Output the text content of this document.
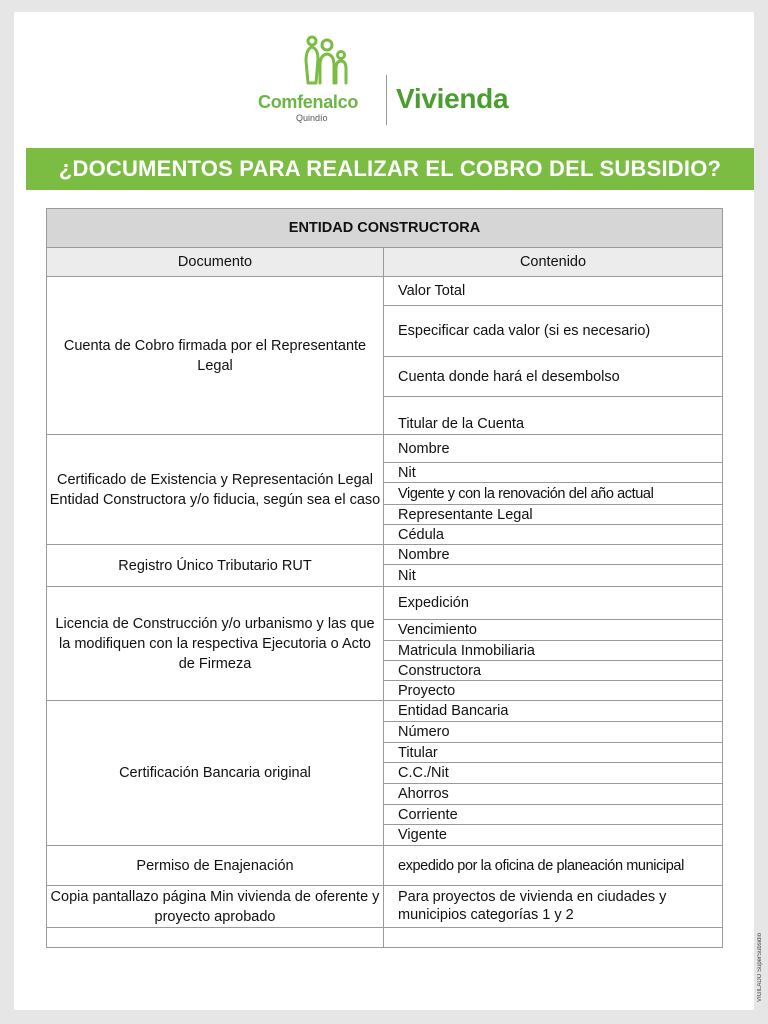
Comfenalco
Quindío
Vivienda
¿DOCUMENTOS PARA REALIZAR EL COBRO DEL SUBSIDIO?
ENTIDAD CONSTRUCTORA	
Documento	Contenido
Cuenta de Cobro firmada por el Representante Legal	Valor Total
	Especificar cada valor (si es necesario)
	Cuenta donde hará el desembolso
	Titular de la Cuenta
Certificado de Existencia y Representación Legal Entidad Constructora y/o fiducia, según sea el caso	Nombre
	Nit
	Vigente y con la renovación del año actual
	Representante Legal
	Cédula
Registro Único Tributario RUT	Nombre
	Nit
Licencia de Construcción y/o urbanismo y las que la modifiquen con la respectiva Ejecutoria o Acto de Firmeza	Expedición
	Vencimiento
	Matricula Inmobiliaria
	Constructora
	Proyecto
Certificación Bancaria original	Entidad Bancaria
	Número
	Titular
	C.C./Nit
	Ahorros
	Corriente
	Vigente
Permiso de Enajenación	expedido por la oficina de planeación municipal
Copia pantallazo página Min vivienda de oferente y proyecto aprobado	Para proyectos de vivienda en ciudades y municipios categorías 1 y 2

VIGILADO SuperSubsidio
